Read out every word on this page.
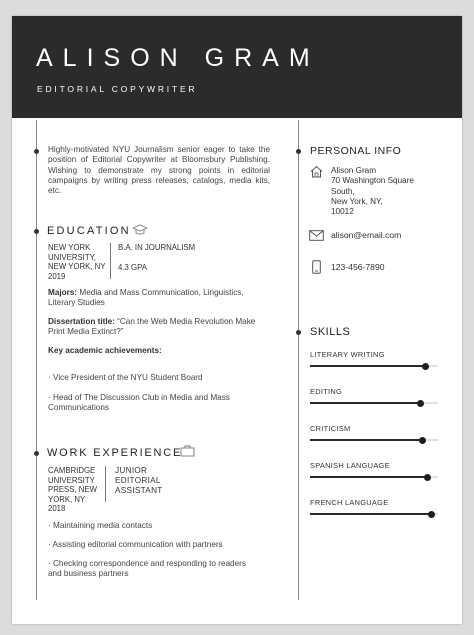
ALISON GRAM
EDITORIAL COPYWRITER
Highly-motivated NYU Journalism senior eager to take the position of Editorial Copywriter at Bloomsbury Publishing. Wishing to demonstrate my strong points in editorial campaigns by writing press releases, catalogs, media kits, etc.
EDUCATION
NEW YORK
UNIVERSITY,
NEW YORK, NY
2019
B.A. IN JOURNALISM
4.3 GPA
Majors: Media and Mass Communication, Linguistics, Literary Studies
Dissertation title: “Can the Web Media Revolution Make Print Media Extinct?”
Key academic achievements:
· Vice President of the NYU Student Board
· Head of The Discussion Club in Media and Mass Communications
WORK EXPERIENCE
CAMBRIDGE
UNIVERSITY
PRESS, NEW
YORK, NY
2018
JUNIOR
EDITORIAL
ASSISTANT
· Maintaining media contacts
· Assisting editorial communication with partners
· Checking correspondence and responding to readers and business partners
PERSONAL INFO
Alison Gram
70 Washington Square
South,
New York, NY,
10012
alison@email.com
123-456-7890
SKILLS
LITERARY WRITING
EDITING
CRITICISM
SPANISH LANGUAGE
FRENCH LANGUAGE
